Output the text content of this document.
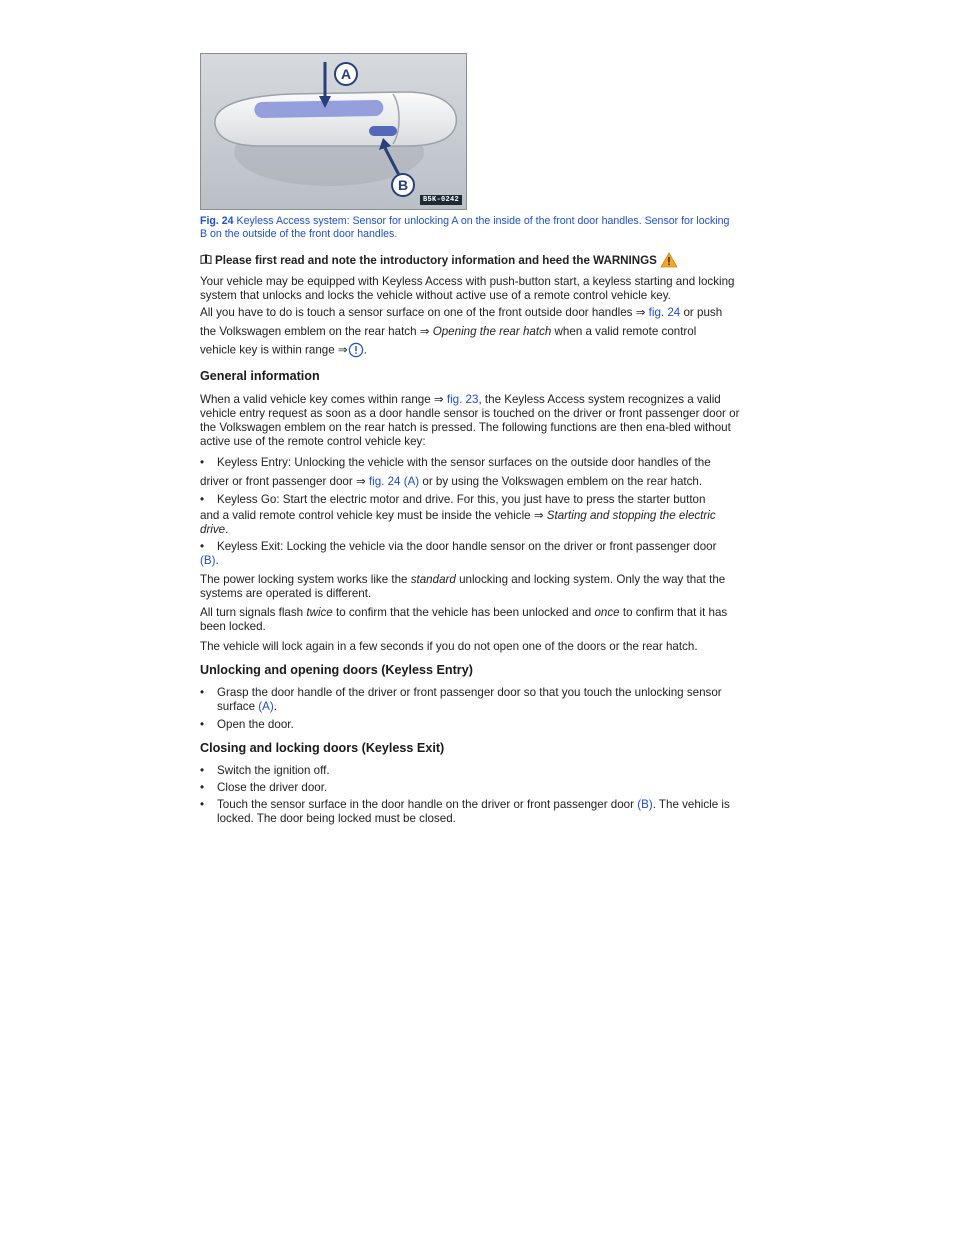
A
B
B5K-0242
Fig. 24 Keyless Access system: Sensor for unlocking A on the inside of the front door handles. Sensor for locking B on the outside of the front door handles.
Please first read and note the introductory information and heed the WARNINGS
Your vehicle may be equipped with Keyless Access with push-button start, a keyless starting and locking system that unlocks and locks the vehicle without active use of a remote control vehicle key.
All you have to do is touch a sensor surface on one of the front outside door handles ⇒ fig. 24 or push
the Volkswagen emblem on the rear hatch ⇒ Opening the rear hatch when a valid remote control
vehicle key is within range ⇒ .
General information
When a valid vehicle key comes within range ⇒ fig. 23, the Keyless Access system recognizes a valid vehicle entry request as soon as a door handle sensor is touched on the driver or front passenger door or the Volkswagen emblem on the rear hatch is pressed. The following functions are then ena-bled without active use of the remote control vehicle key:
•	Keyless Entry: Unlocking the vehicle with the sensor surfaces on the outside door handles of the
driver or front passenger door ⇒ fig. 24 (A) or by using the Volkswagen emblem on the rear hatch.
•	Keyless Go: Start the electric motor and drive. For this, you just have to press the starter button
and a valid remote control vehicle key must be inside the vehicle ⇒ Starting and stopping the electric drive.
•	Keyless Exit: Locking the vehicle via the door handle sensor on the driver or front passenger door
(B).
The power locking system works like the standard unlocking and locking system. Only the way that the systems are operated is different.
All turn signals flash twice to confirm that the vehicle has been unlocked and once to confirm that it has been locked.
The vehicle will lock again in a few seconds if you do not open one of the doors or the rear hatch.
Unlocking and opening doors (Keyless Entry)
•	Grasp the door handle of the driver or front passenger door so that you touch the unlocking sensor surface (A).
•	Open the door.
Closing and locking doors (Keyless Exit)
•	Switch the ignition off.
•	Close the driver door.
•	Touch the sensor surface in the door handle on the driver or front passenger door (B). The vehicle is locked. The door being locked must be closed.
